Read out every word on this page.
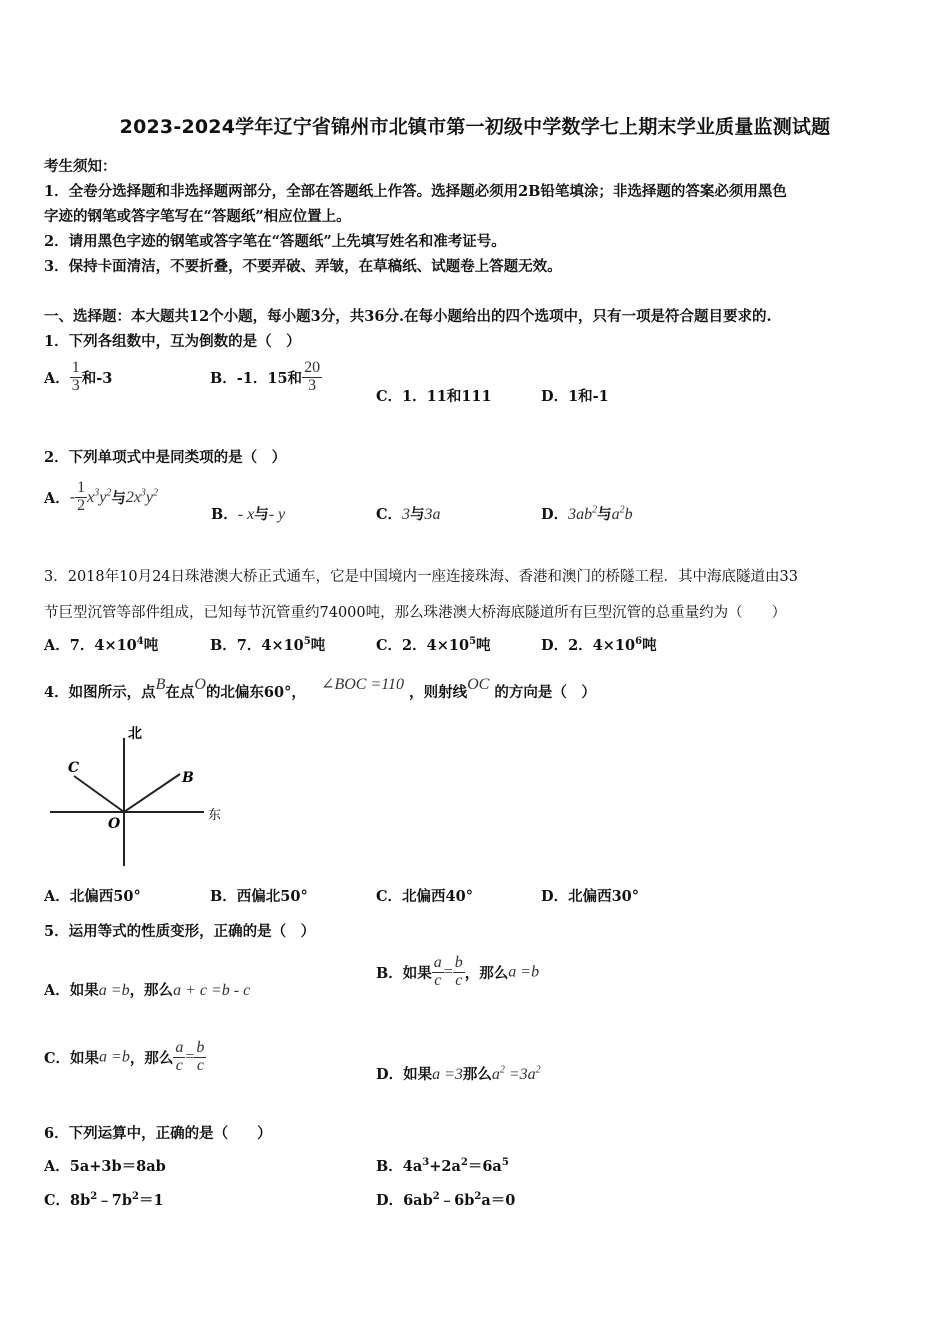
2023-2024学年辽宁省锦州市北镇市第一初级中学数学七上期末学业质量监测试题
考生须知：
1．全卷分选择题和非选择题两部分，全部在答题纸上作答。选择题必须用2B铅笔填涂；非选择题的答案必须用黑色
字迹的钢笔或答字笔写在“答题纸”相应位置上。
2．请用黑色字迹的钢笔或答字笔在“答题纸”上先填写姓名和准考证号。
3．保持卡面清洁，不要折叠，不要弄破、弄皱，在草稿纸、试题卷上答题无效。
一、选择题：本大题共12个小题，每小题3分，共36分.在每小题给出的四个选项中，只有一项是符合题目要求的.
1．下列各组数中，互为倒数的是（　）
A． $\frac{1}{3}$ 和-3	B．-1．15和 $\frac{20}{3}$
C．1．11和111	D．1和-1
2．下列单项式中是同类项的是（　）
A．- $\frac{1}{2} x^3y^2$与$2x^3y^2$
B．- x与- y	C．3与3a	D．$3ab^2$与$a^2b$
3．2018年10月24日珠港澳大桥正式通车，它是中国境内一座连接珠海、香港和澳门的桥隧工程．其中海底隧道由33
节巨型沉管等部件组成，已知每节沉管重约74000吨，那么珠港澳大桥海底隧道所有巨型沉管的总重量约为（　　）
A．7．$4\times 10^4$吨	B．7．$4\times 10^5$吨	C．2．$4\times 10^5$吨	D．2．$4\times 10^6$吨
4．如图所示，点B在点O的北偏东60°， ∠BOC =110 ，则射线OC 的方向是（　）
北
东
C
B
O
A．北偏西50°	B．西偏北50°	C．北偏西40°	D．北偏西30°
5．运用等式的性质变形，正确的是（　）
A．如果a =b，那么a + c =b - c
B．如果 $\frac{a}{c} = \frac{b}{c}$ ，那么a =b
C．如果a =b，那么 $\frac{a}{c} = \frac{b}{c}$	D．如果a =3那么$a^2 =3a^2$
6．下列运算中，正确的是（　　）
A．5a+3b＝8ab	B．$4a^3+2a^2=6a^5$
C．$8b^2﹣7b^2=1$	D．$6ab^2﹣6b^2a=0$
